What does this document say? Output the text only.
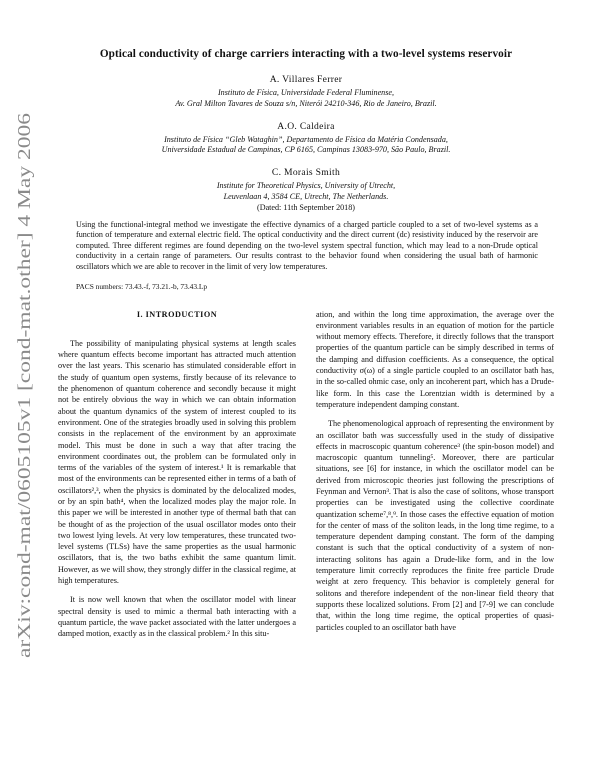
arXiv:cond-mat/0605105v1 [cond-mat.other] 4 May 2006
Optical conductivity of charge carriers interacting with a two-level systems reservoir
A. Villares Ferrer
Instituto de Física, Universidade Federal Fluminense,
Av. Gral Milton Tavares de Souza s/n, Niterói 24210-346, Rio de Janeiro, Brazil.
A.O. Caldeira
Instituto de Física “Gleb Wataghin”, Departamento de Física da Matéria Condensada,
Universidade Estadual de Campinas, CP 6165, Campinas 13083-970, São Paulo, Brazil.
C. Morais Smith
Institute for Theoretical Physics, University of Utrecht,
Leuvenlaan 4, 3584 CE, Utrecht, The Netherlands.
(Dated: 11th September 2018)
Using the functional-integral method we investigate the effective dynamics of a charged particle coupled to a set of two-level systems as a function of temperature and external electric field. The optical conductivity and the direct current (dc) resistivity induced by the reservoir are computed. Three different regimes are found depending on the two-level system spectral function, which may lead to a non-Drude optical conductivity in a certain range of parameters. Our results contrast to the behavior found when considering the usual bath of harmonic oscillators which we are able to recover in the limit of very low temperatures.
PACS numbers: 73.43.-f, 73.21.-b, 73.43.Lp
I. INTRODUCTION

The possibility of manipulating physical systems at length scales where quantum effects become important has attracted much attention over the last years. This scenario has stimulated considerable effort in the study of quantum open systems, firstly because of its relevance to the phenomenon of quantum coherence and secondly because it might not be entirely obvious the way in which we can obtain information about the quantum dynamics of the system of interest coupled to its environment. One of the strategies broadly used in solving this problem consists in the replacement of the environment by an approximate model. This must be done in such a way that after tracing the environment coordinates out, the problem can be formulated only in terms of the variables of the system of interest.¹ It is remarkable that most of the environments can be represented either in terms of a bath of oscillators²,³, when the physics is dominated by the delocalized modes, or by an spin bath⁴, when the localized modes play the major role. In this paper we will be interested in another type of thermal bath that can be thought of as the projection of the usual oscillator modes onto their two lowest lying levels. At very low temperatures, these truncated two-level systems (TLSs) have the same properties as the usual harmonic oscillators, that is, the two baths exhibit the same quantum limit. However, as we will show, they strongly differ in the classical regime, at high temperatures.

It is now well known that when the oscillator model with linear spectral density is used to mimic a thermal bath interacting with a quantum particle, the wave packet associated with the latter undergoes a damped motion, exactly as in the classical problem.² In this situ-

ation, and within the long time approximation, the average over the environment variables results in an equation of motion for the particle without memory effects. Therefore, it directly follows that the transport properties of the quantum particle can be simply described in terms of the damping and diffusion coefficients. As a consequence, the optical conductivity σ(ω) of a single particle coupled to an oscillator bath has, in the so-called ohmic case, only an incoherent part, which has a Drude-like form. In this case the Lorentzian width is determined by a temperature independent damping constant.

The phenomenological approach of representing the environment by an oscillator bath was successfully used in the study of dissipative effects in macroscopic quantum coherence³ (the spin-boson model) and macroscopic quantum tunneling⁵. Moreover, there are particular situations, see [6] for instance, in which the oscillator model can be derived from microscopic theories just following the prescriptions of Feynman and Vernon³. That is also the case of solitons, whose transport properties can be investigated using the collective coordinate quantization scheme⁷,⁸,⁹. In those cases the effective equation of motion for the center of mass of the soliton leads, in the long time regime, to a temperature dependent damping constant. The form of the damping constant is such that the optical conductivity of a system of non-interacting solitons has again a Drude-like form, and in the low temperature limit correctly reproduces the finite free particle Drude weight at zero frequency. This behavior is completely general for solitons and therefore independent of the non-linear field theory that supports these localized solutions. From [2] and [7-9] we can conclude that, within the long time regime, the optical properties of quasi-particles coupled to an oscillator bath have
